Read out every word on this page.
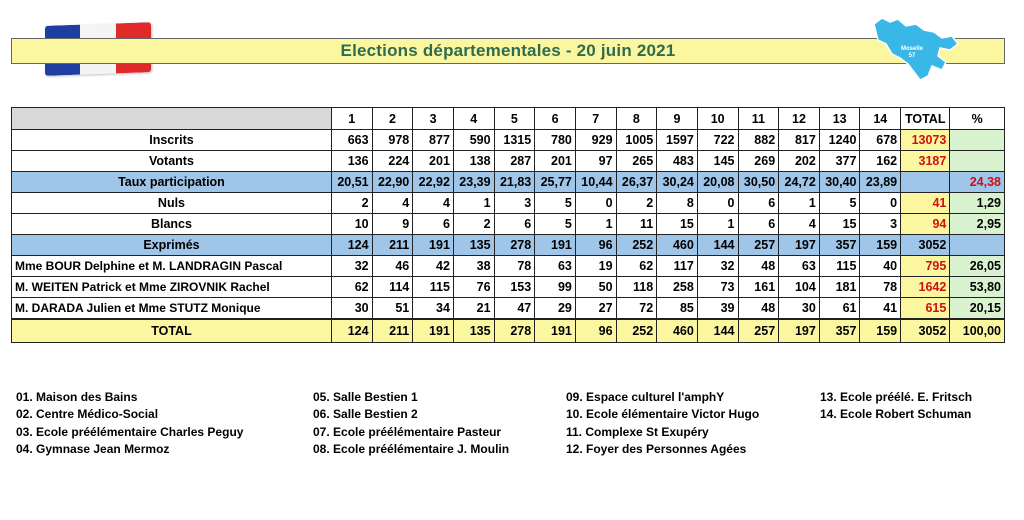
Elections départementales - 20 juin 2021	Moselle
57
	1	2	3	4	5	6	7	8	9	10	11	12	13	14	TOTAL	%
Inscrits	663	978	877	590	1315	780	929	1005	1597	722	882	817	1240	678	13073	
Votants	136	224	201	138	287	201	97	265	483	145	269	202	377	162	3187	
Taux participation	20,51	22,90	22,92	23,39	21,83	25,77	10,44	26,37	30,24	20,08	30,50	24,72	30,40	23,89		24,38
Nuls	2	4	4	1	3	5	0	2	8	0	6	1	5	0	41	1,29
Blancs	10	9	6	2	6	5	1	11	15	1	6	4	15	3	94	2,95
Exprimés	124	211	191	135	278	191	96	252	460	144	257	197	357	159	3052	
Mme BOUR Delphine et M. LANDRAGIN Pascal	32	46	42	38	78	63	19	62	117	32	48	63	115	40	795	26,05
M. WEITEN Patrick et Mme ZIROVNIK Rachel	62	114	115	76	153	99	50	118	258	73	161	104	181	78	1642	53,80
M. DARADA Julien et Mme STUTZ Monique	30	51	34	21	47	29	27	72	85	39	48	30	61	41	615	20,15
TOTAL	124	211	191	135	278	191	96	252	460	144	257	197	357	159	3052	100,00
01. Maison des Bains
02. Centre Médico-Social
03. Ecole préélémentaire Charles Peguy
04. Gymnase Jean Mermoz
05. Salle Bestien 1
06. Salle Bestien 2
07. Ecole préélémentaire Pasteur
08. Ecole préélémentaire J. Moulin
09. Espace culturel l'amphY
10. Ecole élémentaire Victor Hugo
11. Complexe St Exupéry
12. Foyer des Personnes Agées
13. Ecole préélé. E. Fritsch
14. Ecole Robert Schuman
